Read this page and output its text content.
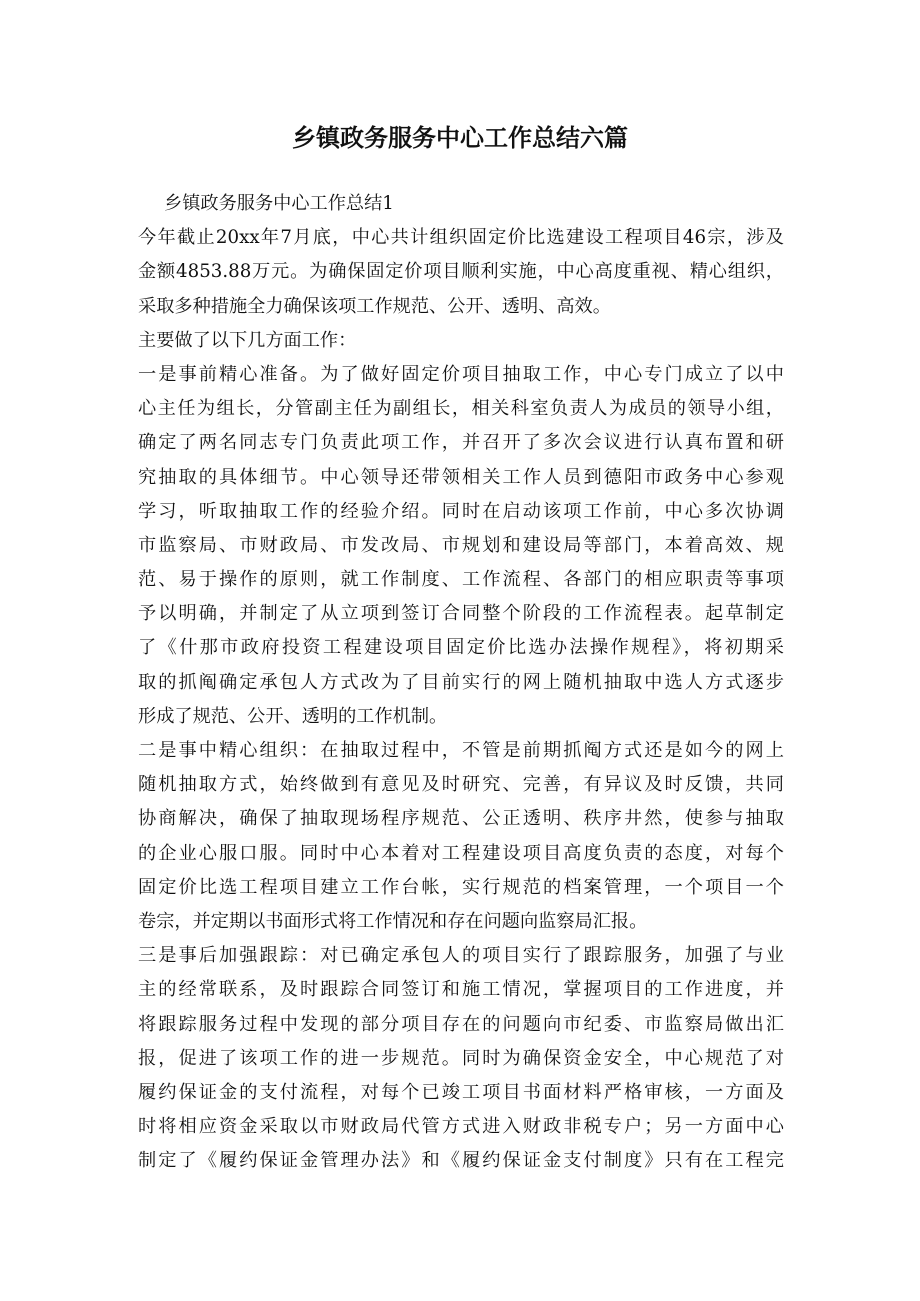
乡镇政务服务中心工作总结六篇
乡镇政务服务中心工作总结1
今年截止20xx年7月底，中心共计组织固定价比选建设工程项目46宗，涉及
金额4853.88万元。为确保固定价项目顺利实施，中心高度重视、精心组织，
采取多种措施全力确保该项工作规范、公开、透明、高效。
主要做了以下几方面工作：
一是事前精心准备。为了做好固定价项目抽取工作，中心专门成立了以中
心主任为组长，分管副主任为副组长，相关科室负责人为成员的领导小组，
确定了两名同志专门负责此项工作，并召开了多次会议进行认真布置和研
究抽取的具体细节。中心领导还带领相关工作人员到德阳市政务中心参观
学习，听取抽取工作的经验介绍。同时在启动该项工作前，中心多次协调
市监察局、市财政局、市发改局、市规划和建设局等部门，本着高效、规
范、易于操作的原则，就工作制度、工作流程、各部门的相应职责等事项
予以明确，并制定了从立项到签订合同整个阶段的工作流程表。起草制定
了《什那市政府投资工程建设项目固定价比选办法操作规程》，将初期采
取的抓阄确定承包人方式改为了目前实行的网上随机抽取中选人方式逐步
形成了规范、公开、透明的工作机制。
二是事中精心组织：在抽取过程中，不管是前期抓阄方式还是如今的网上
随机抽取方式，始终做到有意见及时研究、完善，有异议及时反馈，共同
协商解决，确保了抽取现场程序规范、公正透明、秩序井然，使参与抽取
的企业心服口服。同时中心本着对工程建设项目高度负责的态度，对每个
固定价比选工程项目建立工作台帐，实行规范的档案管理，一个项目一个
卷宗，并定期以书面形式将工作情况和存在问题向监察局汇报。
三是事后加强跟踪：对已确定承包人的项目实行了跟踪服务，加强了与业
主的经常联系，及时跟踪合同签订和施工情况，掌握项目的工作进度，并
将跟踪服务过程中发现的部分项目存在的问题向市纪委、市监察局做出汇
报，促进了该项工作的进一步规范。同时为确保资金安全，中心规范了对
履约保证金的支付流程，对每个已竣工项目书面材料严格审核，一方面及
时将相应资金采取以市财政局代管方式进入财政非税专户；另一方面中心
制定了《履约保证金管理办法》和《履约保证金支付制度》只有在工程完
